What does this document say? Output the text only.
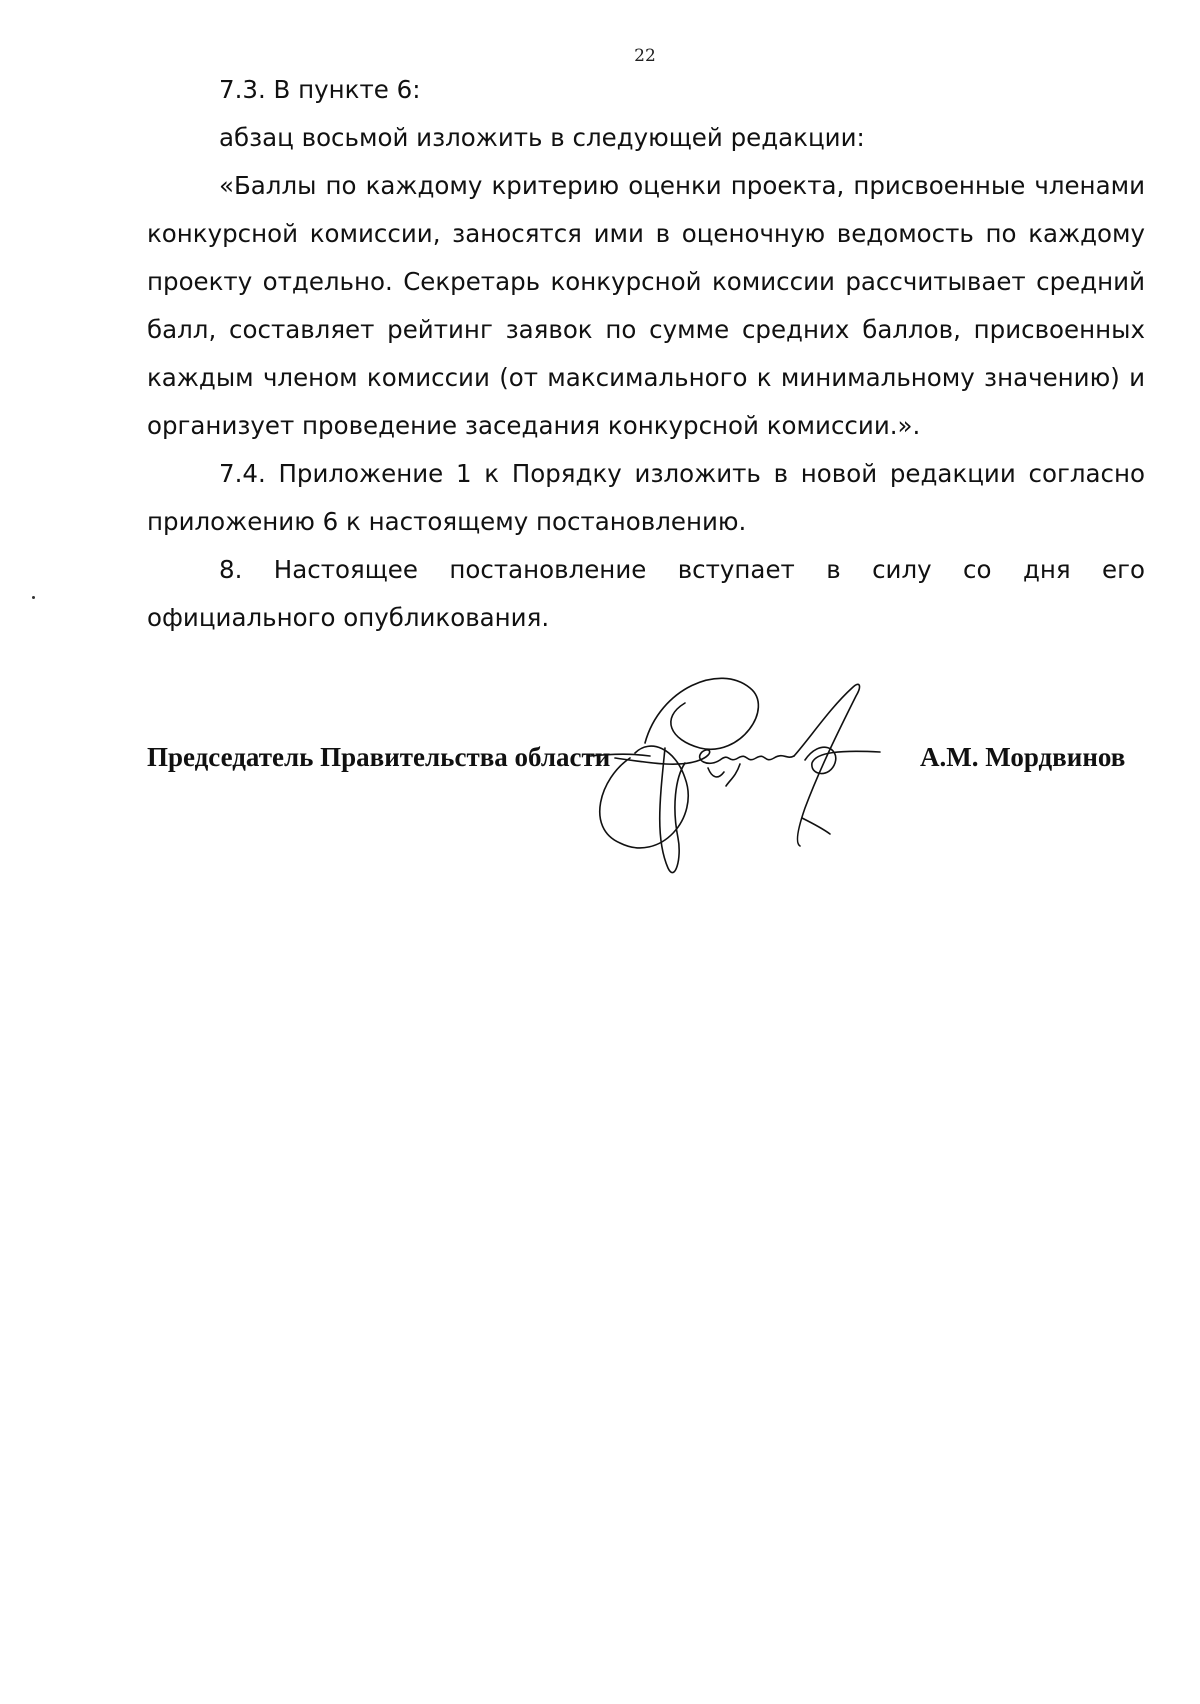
22

7.3. В пункте 6:

абзац восьмой изложить в следующей редакции:

«Баллы по каждому критерию оценки проекта, присвоенные членами конкурсной комиссии, заносятся ими в оценочную ведомость по каждому проекту отдельно. Секретарь конкурсной комиссии рассчитывает средний балл, составляет рейтинг заявок по сумме средних баллов, присвоенных каждым членом комиссии (от максимального к минимальному значению) и организует проведение заседания конкурсной комиссии.».

7.4. Приложение 1 к Порядку изложить в новой редакции согласно приложению 6 к настоящему постановлению.

8. Настоящее постановление вступает в силу со дня его официального опубликования.

Председатель Правительства области	А.М. Мордвинов
